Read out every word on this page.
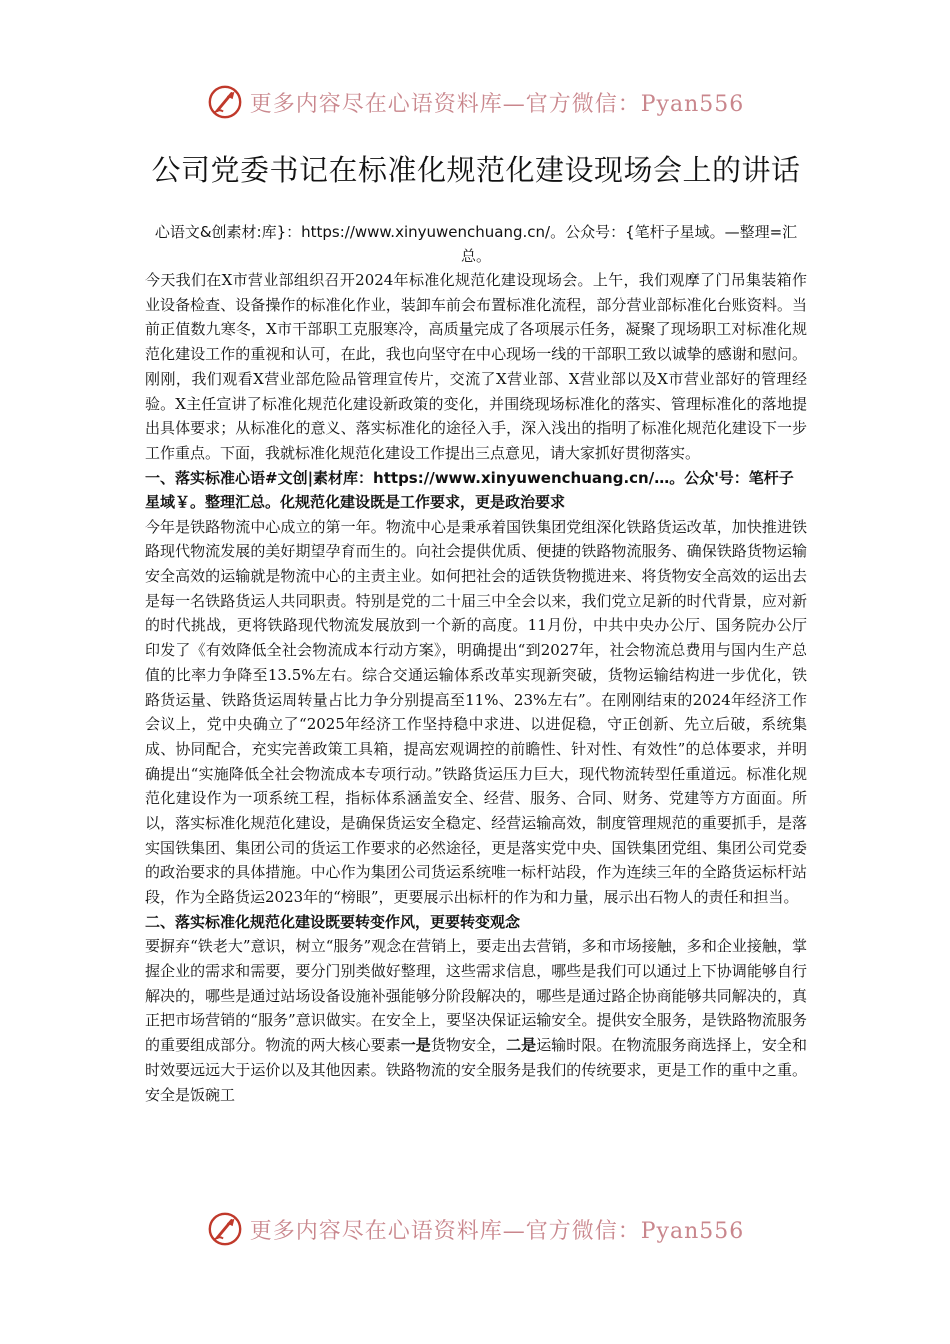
更多内容尽在心语资料库—官方微信：Pyan556
公司党委书记在标准化规范化建设现场会上的讲话

心语文&创素材:库}：https://www.xinyuwenchuang.cn/。公众号：{笔杆子星域。—整理=汇总。

今天我们在X市营业部组织召开2024年标准化规范化建设现场会。上午，我们观摩了门吊集装箱作业设备检查、设备操作的标准化作业，装卸车前会布置标准化流程，部分营业部标准化台账资料。当前正值数九寒冬，X市干部职工克服寒冷，高质量完成了各项展示任务，凝聚了现场职工对标准化规范化建设工作的重视和认可，在此，我也向坚守在中心现场一线的干部职工致以诚挚的感谢和慰问。刚刚，我们观看X营业部危险品管理宣传片，交流了X营业部、X营业部以及X市营业部好的管理经验。X主任宣讲了标准化规范化建设新政策的变化，并围绕现场标准化的落实、管理标准化的落地提出具体要求；从标准化的意义、落实标准化的途径入手，深入浅出的指明了标准化规范化建设下一步工作重点。下面，我就标准化规范化建设工作提出三点意见，请大家抓好贯彻落实。

一、落实标准心语#文创|素材库：https://www.xinyuwenchuang.cn/…。公众'号：笔杆子星域￥。整理汇总。化规范化建设既是工作要求，更是政治要求

今年是铁路物流中心成立的第一年。物流中心是秉承着国铁集团党组深化铁路货运改革，加快推进铁路现代物流发展的美好期望孕育而生的。向社会提供优质、便捷的铁路物流服务、确保铁路货物运输安全高效的运输就是物流中心的主责主业。如何把社会的适铁货物揽进来、将货物安全高效的运出去是每一名铁路货运人共同职责。特别是党的二十届三中全会以来，我们党立足新的时代背景，应对新的时代挑战，更将铁路现代物流发展放到一个新的高度。11月份，中共中央办公厅、国务院办公厅印发了《有效降低全社会物流成本行动方案》，明确提出“到2027年，社会物流总费用与国内生产总值的比率力争降至13.5%左右。综合交通运输体系改革实现新突破，货物运输结构进一步优化，铁路货运量、铁路货运周转量占比力争分别提高至11%、23%左右”。在刚刚结束的2024年经济工作会议上，党中央确立了“2025年经济工作坚持稳中求进、以进促稳，守正创新、先立后破，系统集成、协同配合，充实完善政策工具箱，提高宏观调控的前瞻性、针对性、有效性”的总体要求，并明确提出“实施降低全社会物流成本专项行动。”铁路货运压力巨大，现代物流转型任重道远。标准化规范化建设作为一项系统工程，指标体系涵盖安全、经营、服务、合同、财务、党建等方方面面。所以，落实标准化规范化建设，是确保货运安全稳定、经营运输高效，制度管理规范的重要抓手，是落实国铁集团、集团公司的货运工作要求的必然途径，更是落实党中央、国铁集团党组、集团公司党委的政治要求的具体措施。中心作为集团公司货运系统唯一标杆站段，作为连续三年的全路货运标杆站段，作为全路货运2023年的“榜眼”，更要展示出标杆的作为和力量，展示出石物人的责任和担当。

二、落实标准化规范化建设既要转变作风，更要转变观念

要摒弃“铁老大”意识，树立“服务”观念在营销上，要走出去营销，多和市场接触，多和企业接触，掌握企业的需求和需要，要分门别类做好整理，这些需求信息，哪些是我们可以通过上下协调能够自行解决的，哪些是通过站场设备设施补强能够分阶段解决的，哪些是通过路企协商能够共同解决的，真正把市场营销的“服务”意识做实。在安全上，要坚决保证运输安全。提供安全服务，是铁路物流服务的重要组成部分。物流的两大核心要素一是货物安全，二是运输时限。在物流服务商选择上，安全和时效要远远大于运价以及其他因素。铁路物流的安全服务是我们的传统要求，更是工作的重中之重。安全是饭碗工

更多内容尽在心语资料库—官方微信：Pyan556
